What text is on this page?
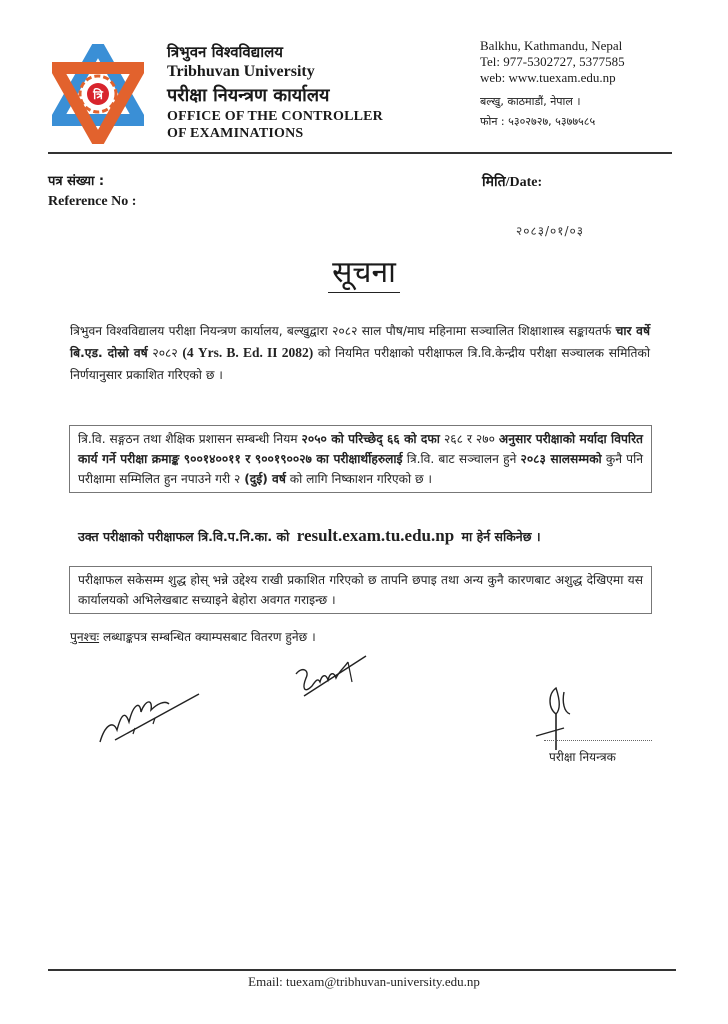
त्रि
त्रिभुवन विश्वविद्यालय
Tribhuvan University
परीक्षा नियन्त्रण कार्यालय
OFFICE OF THE CONTROLLER
OF EXAMINATIONS
Balkhu, Kathmandu, Nepal
Tel: 977-5302727, 5377585
web: www.tuexam.edu.np
बल्खु, काठमाडौं, नेपाल ।
फोन : ५३०२७२७, ५३७७५८५
पत्र संख्या :
Reference No :
मिति/Date:
२०८३/०१/०३
सूचना
त्रिभुवन विश्वविद्यालय परीक्षा नियन्त्रण कार्यालय, बल्खुद्वारा २०८२ साल पौष/माघ महिनामा सञ्चालित शिक्षाशास्त्र सङ्कायतर्फ चार वर्षे बि.एड. दोस्रो वर्ष २०८२ (4 Yrs. B. Ed. II 2082) को नियमित परीक्षाको परीक्षाफल त्रि.वि.केन्द्रीय परीक्षा सञ्चालक समितिको निर्णयानुसार प्रकाशित गरिएको छ ।
त्रि.वि. सङ्गठन तथा शैक्षिक प्रशासन सम्बन्धी नियम २०५० को परिच्छेद् ६६ को दफा २६८ र २७० अनुसार परीक्षाको मर्यादा विपरित कार्य गर्ने परीक्षा क्रमाङ्क ९००१४००११ र ९००१९००२७ का परीक्षार्थीहरुलाई त्रि.वि. बाट सञ्चालन हुने २०८३ सालसम्मको कुनै पनि परीक्षामा सम्मिलित हुन नपाउने गरी २ (दुई) वर्ष को लागि निष्काशन गरिएको छ ।
उक्त परीक्षाको परीक्षाफल त्रि.वि.प.नि.का. को result.exam.tu.edu.np मा हेर्न सकिनेछ ।
परीक्षाफल सकेसम्म शुद्ध होस् भन्ने उद्देश्य राखी प्रकाशित गरिएको छ तापनि छपाइ तथा अन्य कुनै कारणबाट अशुद्ध देखिएमा यस कार्यालयको अभिलेखबाट सच्याइने बेहोरा अवगत गराइन्छ ।
पुनश्चः लब्धाङ्कपत्र सम्बन्धित क्याम्पसबाट वितरण हुनेछ ।
परीक्षा नियन्त्रक
Email: tuexam@tribhuvan-university.edu.np
